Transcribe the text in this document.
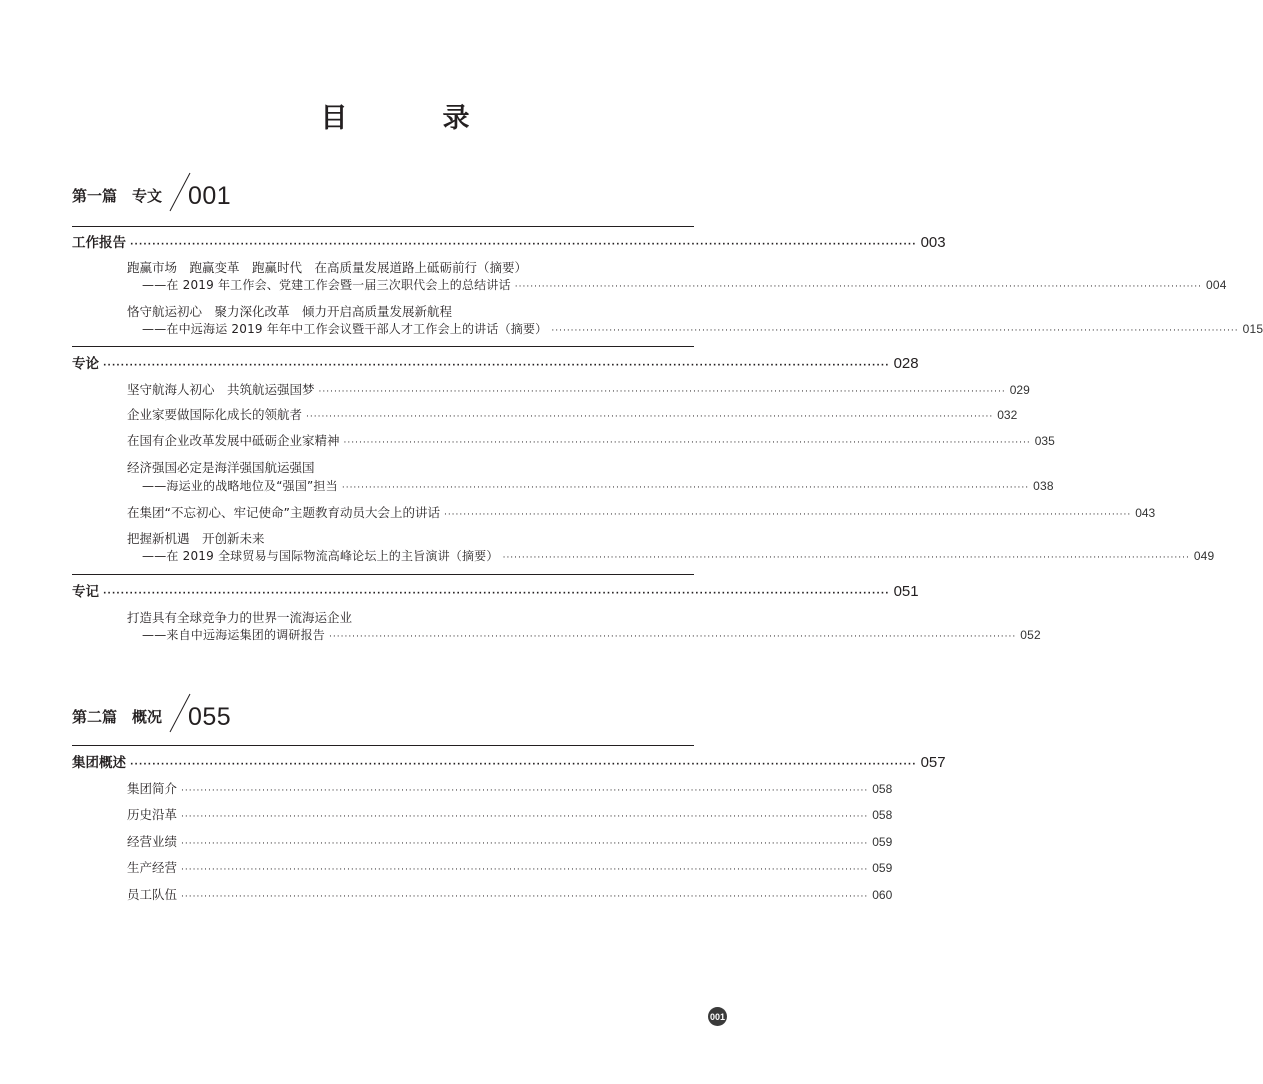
目　录
第一篇　专文 001
工作报告 ·················································································································································································· 003
跑赢市场　跑赢变革　跑赢时代　在高质量发展道路上砥砺前行（摘要）
——在 2019 年工作会、党建工作会暨一届三次职代会上的总结讲话 ·················································································································································································· 004
恪守航运初心　聚力深化改革　倾力开启高质量发展新航程
——在中远海运 2019 年年中工作会议暨干部人才工作会上的讲话（摘要） ·················································································································································································· 015
专论 ·················································································································································································· 028
坚守航海人初心　共筑航运强国梦 ·················································································································································································· 029
企业家要做国际化成长的领航者 ·················································································································································································· 032
在国有企业改革发展中砥砺企业家精神 ·················································································································································································· 035
经济强国必定是海洋强国航运强国
——海运业的战略地位及“强国”担当 ·················································································································································································· 038
在集团“不忘初心、牢记使命”主题教育动员大会上的讲话 ·················································································································································································· 043
把握新机遇　开创新未来
——在 2019 全球贸易与国际物流高峰论坛上的主旨演讲（摘要） ·················································································································································································· 049
专记 ·················································································································································································· 051
打造具有全球竞争力的世界一流海运企业
——来自中远海运集团的调研报告 ·················································································································································································· 052
第二篇　概况 055
集团概述 ·················································································································································································· 057
集团简介 ·················································································································································································· 058
历史沿革 ·················································································································································································· 058
经营业绩 ·················································································································································································· 059
生产经营 ·················································································································································································· 059
员工队伍 ·················································································································································································· 060
001
